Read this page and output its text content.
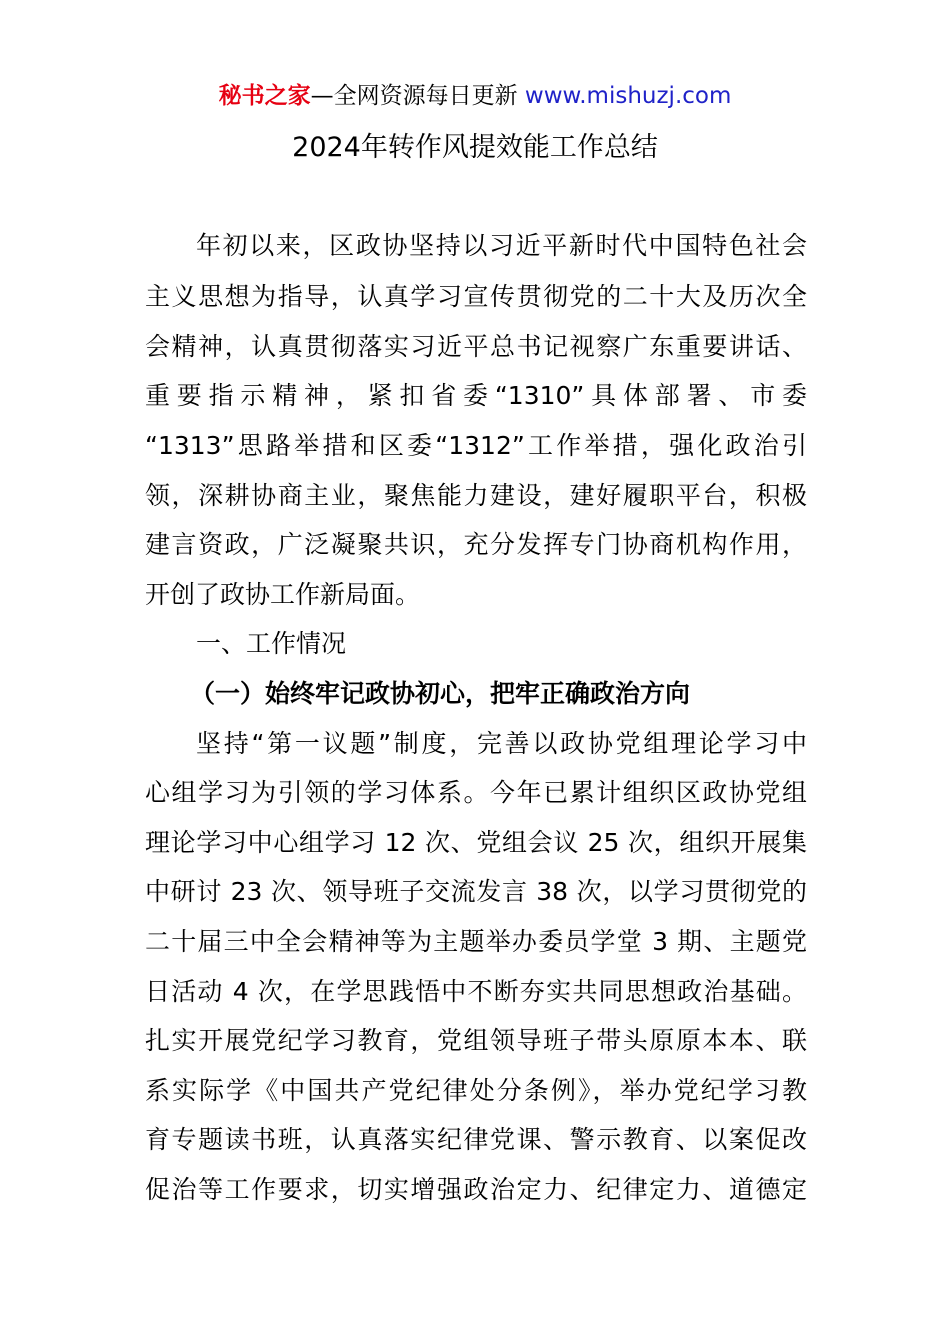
秘书之家—全网资源每日更新 www.mishuzj.com
2024年转作风提效能工作总结
年初以来，区政协坚持以习近平新时代中国特色社会
主义思想为指导，认真学习宣传贯彻党的二十大及历次全
会精神，认真贯彻落实习近平总书记视察广东重要讲话、
重要指示精神，紧扣省委“1310”具体部署、市委
“1313”思路举措和区委“1312”工作举措，强化政治引
领，深耕协商主业，聚焦能力建设，建好履职平台，积极
建言资政，广泛凝聚共识，充分发挥专门协商机构作用，
开创了政协工作新局面。
一、工作情况
（一）始终牢记政协初心，把牢正确政治方向
坚持“第一议题”制度，完善以政协党组理论学习中
心组学习为引领的学习体系。今年已累计组织区政协党组
理论学习中心组学习 12 次、党组会议 25 次，组织开展集
中研讨 23 次、领导班子交流发言 38 次，以学习贯彻党的
二十届三中全会精神等为主题举办委员学堂 3 期、主题党
日活动 4 次，在学思践悟中不断夯实共同思想政治基础。
扎实开展党纪学习教育，党组领导班子带头原原本本、联
系实际学《中国共产党纪律处分条例》，举办党纪学习教
育专题读书班，认真落实纪律党课、警示教育、以案促改
促治等工作要求，切实增强政治定力、纪律定力、道德定
